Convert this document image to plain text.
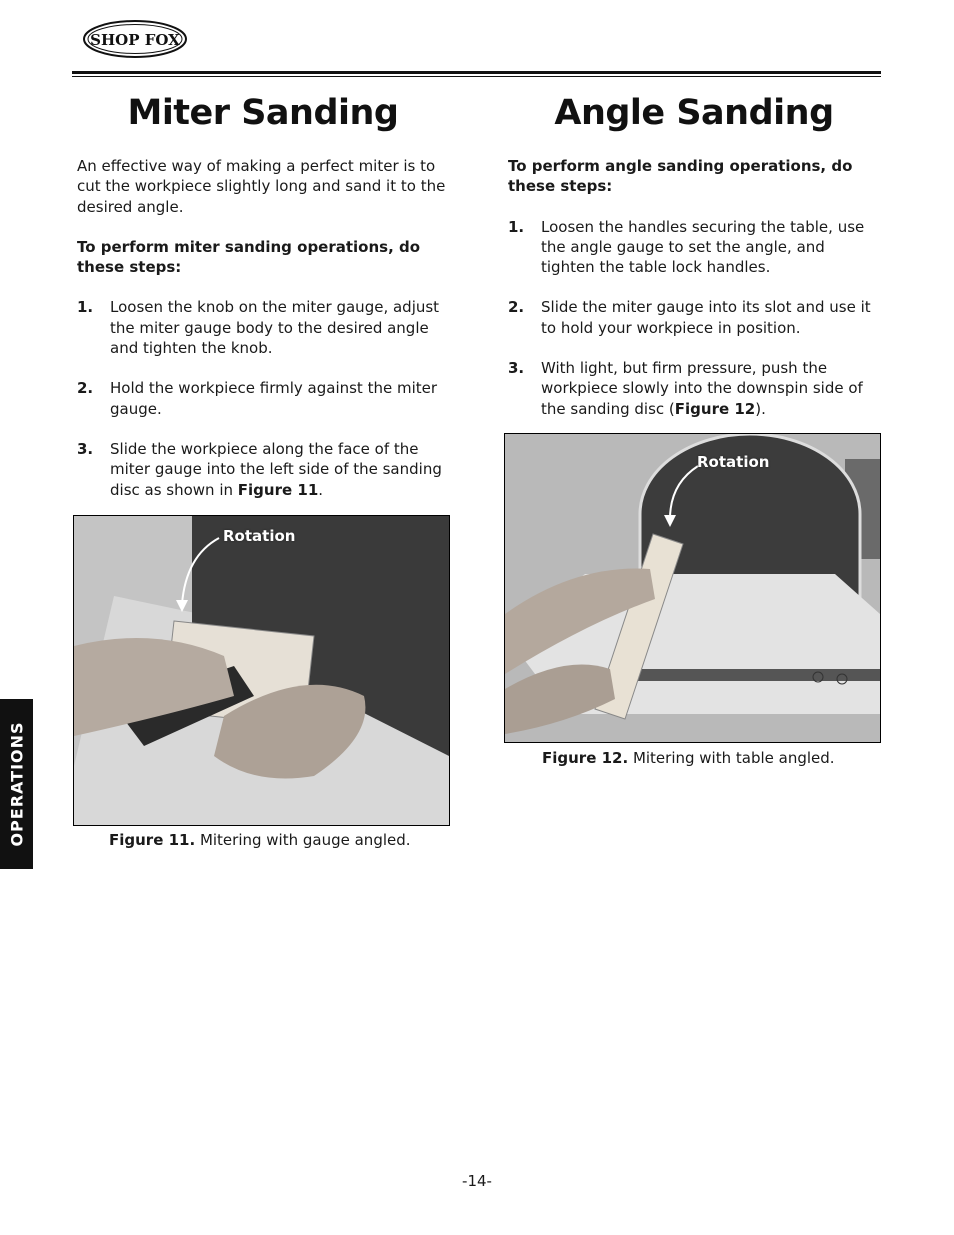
SHOP FOX
Miter Sanding

An effective way of making a perfect miter is to cut the workpiece slightly long and sand it to the desired angle.

To perform miter sanding operations, do these steps:

1.	Loosen the knob on the miter gauge, adjust the miter gauge body to the desired angle and tighten the knob.
2.	Hold the workpiece firmly against the miter gauge.
3.	Slide the workpiece along the face of the miter gauge into the left side of the sanding disc as shown in Figure 11.
Angle Sanding

To perform angle sanding operations, do these steps:

1.	Loosen the handles securing the table, use the angle gauge to set the angle, and tighten the table lock handles.
2.	Slide the miter gauge into its slot and use it to hold your workpiece in position.
3.	With light, but firm pressure, push the workpiece slowly into the downspin side of the sanding disc (Figure 12).
Rotation
Figure 11. Mitering with gauge angled.
Rotation
Figure 12. Mitering with table angled.
OPERATIONS
-14-
